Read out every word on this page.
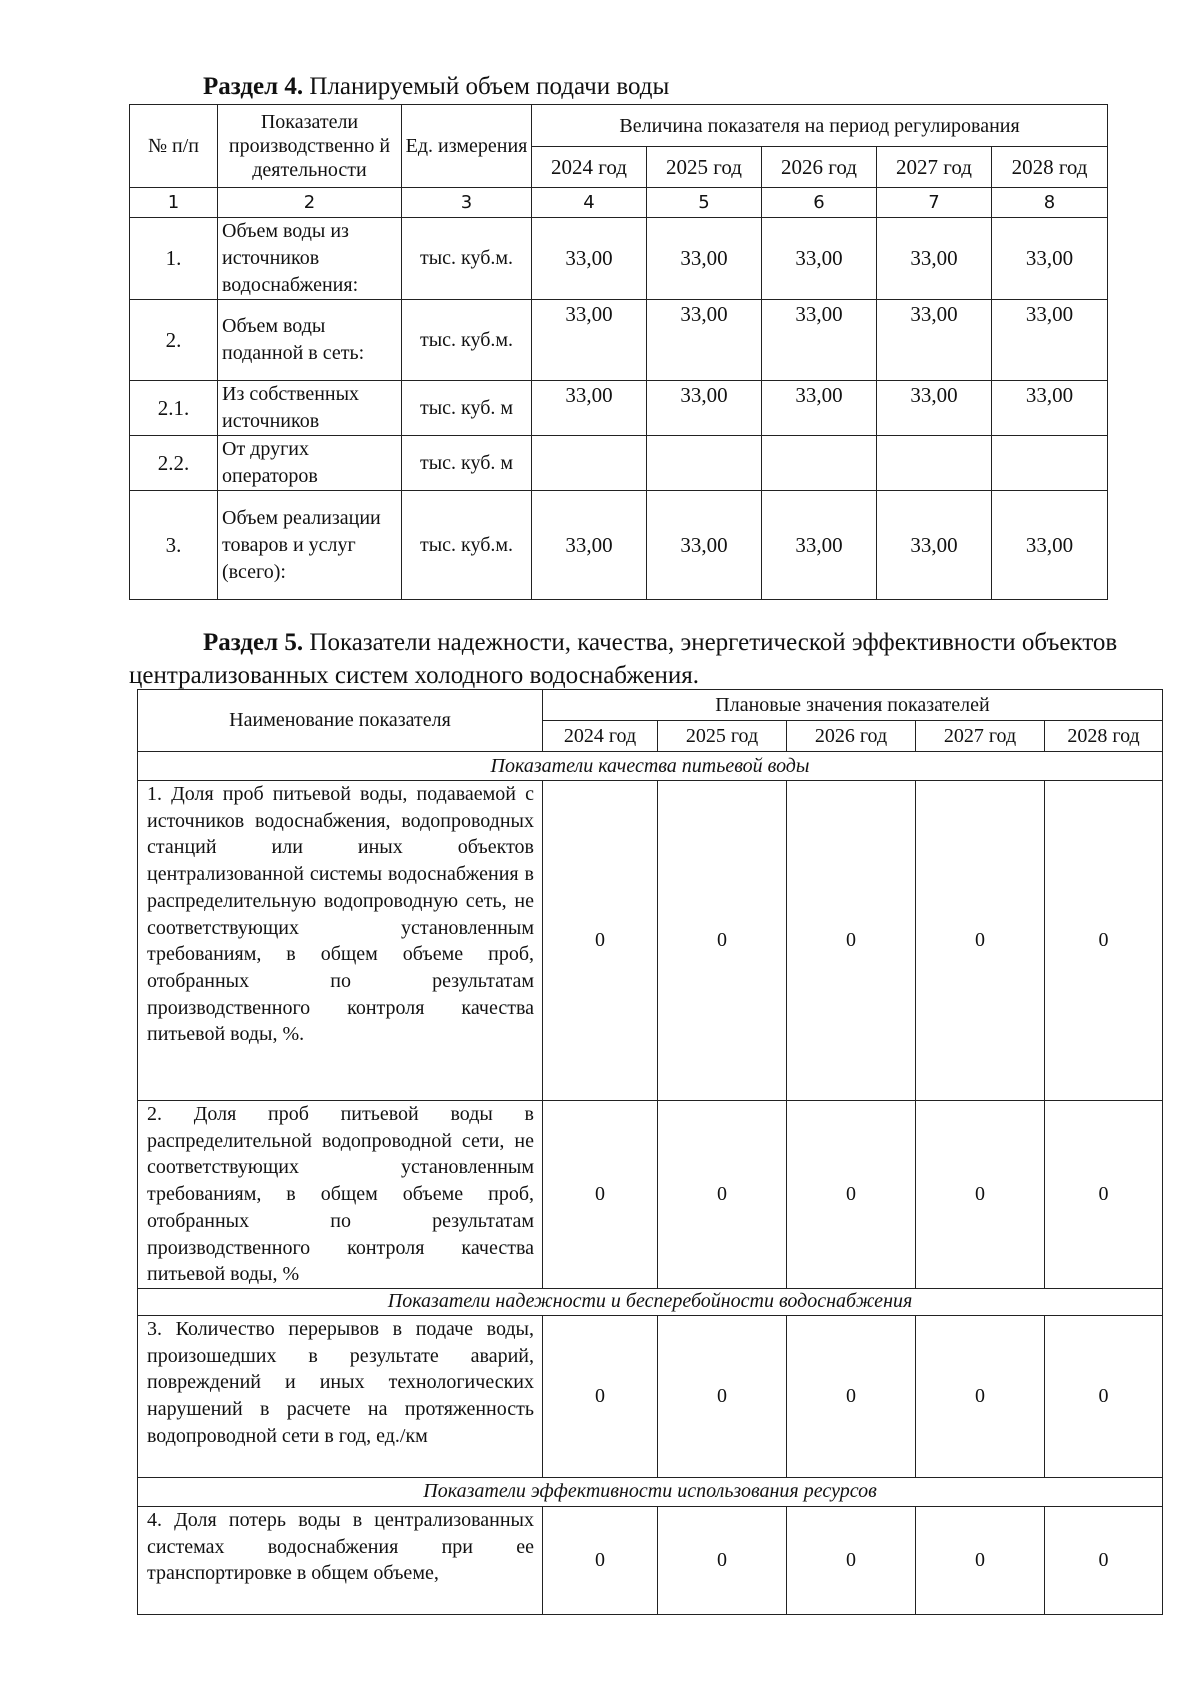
Раздел 4. Планируемый объем подачи воды
№ п/п	Показатели производственно й деятельности	Ед. измерения	Величина показателя на период регулирования				
			2024 год	2025 год	2026 год	2027 год	2028 год
1	2	3	4	5	6	7	8
1.	Объем воды из источников водоснабжения:	тыс. куб.м.	33,00	33,00	33,00	33,00	33,00
2.	Объем воды поданной в сеть:	тыс. куб.м.	33,00	33,00	33,00	33,00	33,00
2.1.	Из собственных источников	тыс. куб. м	33,00	33,00	33,00	33,00	33,00
2.2.	От других операторов	тыс. куб. м					
3.	Объем реализации товаров и услуг (всего):	тыс. куб.м.	33,00	33,00	33,00	33,00	33,00
Раздел 5. Показатели надежности, качества, энергетической эффективности объектов
централизованных систем холодного водоснабжения.
Наименование показателя	Плановые значения показателей				
	2024 год	2025 год	2026 год	2027 год	2028 год
Показатели качества питьевой воды					
1. Доля проб питьевой воды, подаваемой с источников водоснабжения, водопроводных станций или иных объектов централизованной системы водоснабжения в распределительную водопроводную сеть, не соответствующих установленным требованиям, в общем объеме проб, отобранных по результатам производственного контроля качества питьевой воды, %.	0	0	0	0	0
2. Доля проб питьевой воды в распределительной водопроводной сети, не соответствующих установленным требованиям, в общем объеме проб, отобранных по результатам производственного контроля качества питьевой воды, %	0	0	0	0	0
Показатели надежности и бесперебойности водоснабжения					
3. Количество перерывов в подаче воды, произошедших в результате аварий, повреждений и иных технологических нарушений в расчете на протяженность водопроводной сети в год, ед./км	0	0	0	0	0
Показатели эффективности использования ресурсов					
4. Доля потерь воды в централизованных системах водоснабжения при ее транспортировке в общем объеме,	0	0	0	0	0
